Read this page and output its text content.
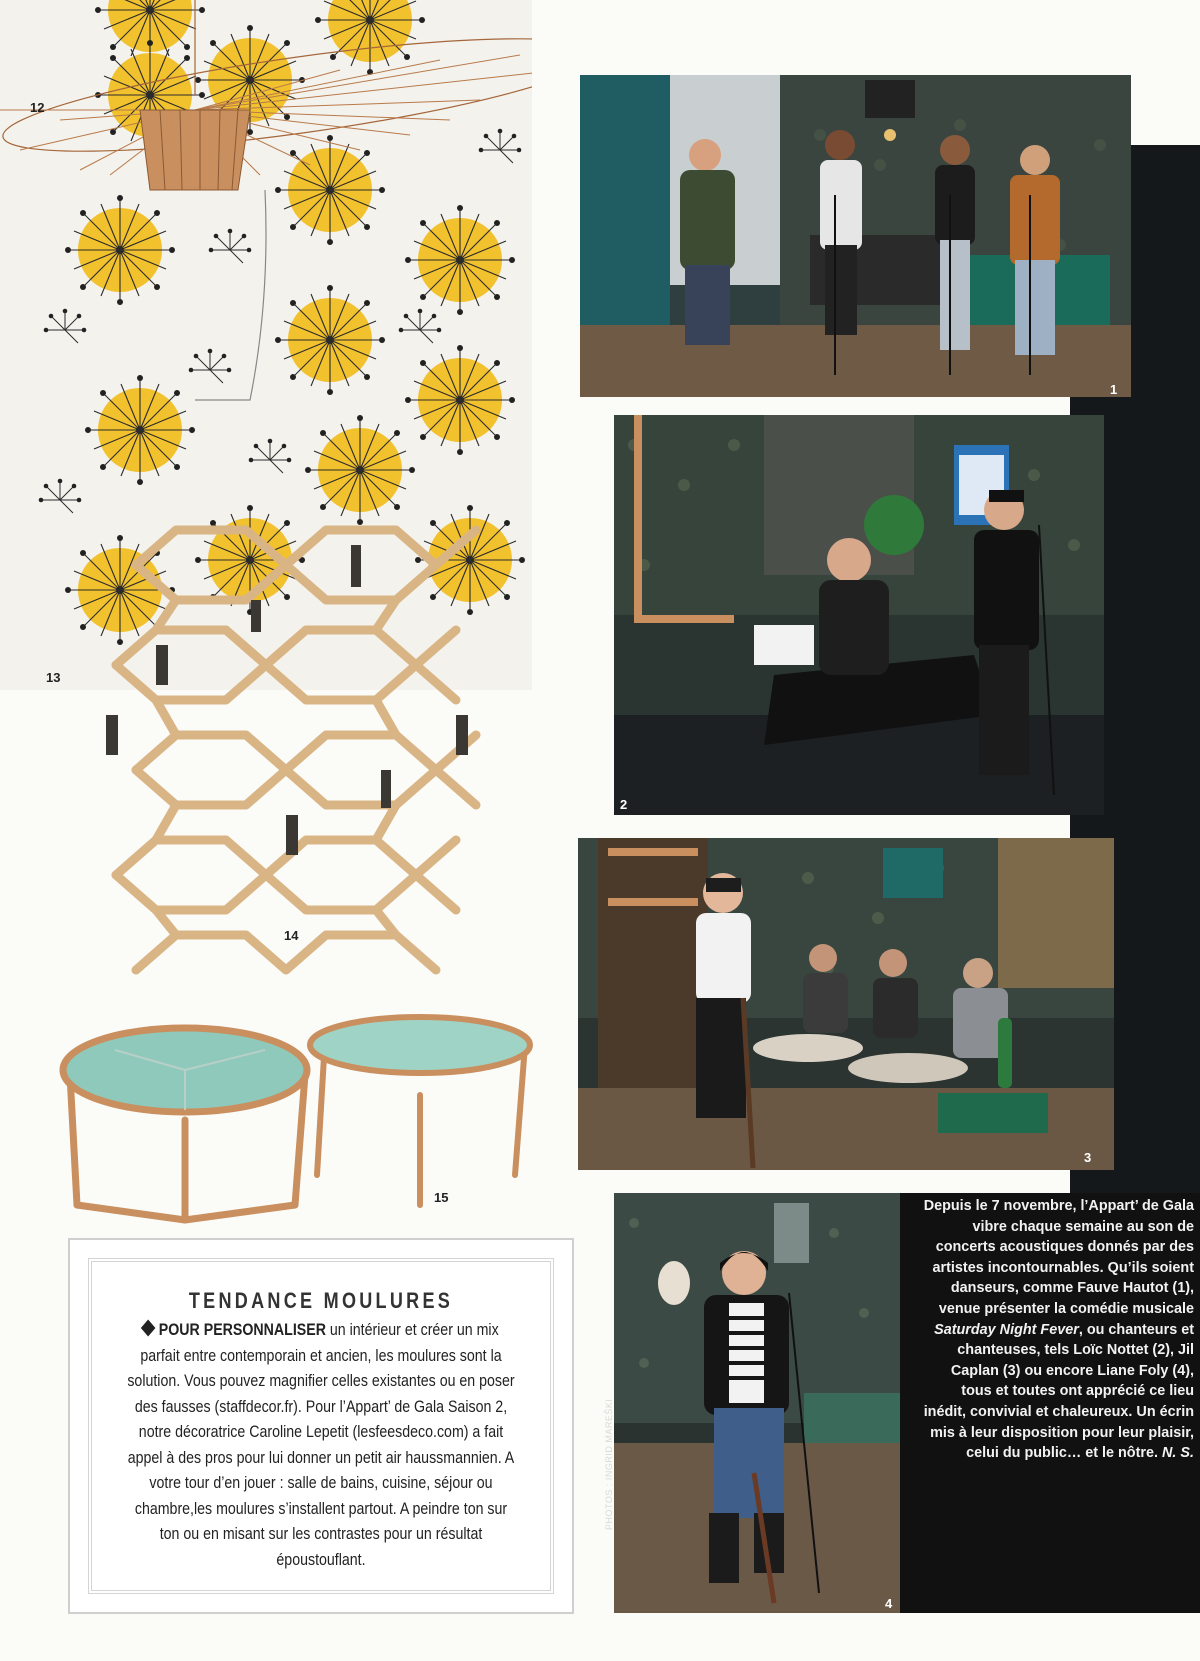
12
13
14
15
1
2
3
4
PHOTOS : INGRID MAREŠKI

Depuis le 7 novembre, l’Appart’ de Gala vibre chaque semaine au son de concerts acoustiques donnés par des artistes incontournables. Qu’ils soient danseurs, comme Fauve Hautot (1), venue présenter la comédie musicale Saturday Night Fever, ou chanteurs et chanteuses, tels Loïc Nottet (2), Jil Caplan (3) ou encore Liane Foly (4), tous et toutes ont apprécié ce lieu inédit, convivial et chaleureux. Un écrin mis à leur disposition pour leur plaisir, celui du public… et le nôtre. N. S.

TENDANCE MOULURES

POUR PERSONNALISER un intérieur et créer un mix parfait entre contemporain et ancien, les moulures sont la solution. Vous pouvez magnifier celles existantes ou en poser des fausses (staffdecor.fr). Pour l’Appart’ de Gala Saison 2, notre décoratrice Caroline Lepetit (lesfeesdeco.com) a fait appel à des pros pour lui donner un petit air haussmannien. A votre tour d’en jouer : salle de bains, cuisine, séjour ou chambre,les moulures s’installent partout. A peindre ton sur ton ou en misant sur les contrastes pour un résultat époustouflant.
